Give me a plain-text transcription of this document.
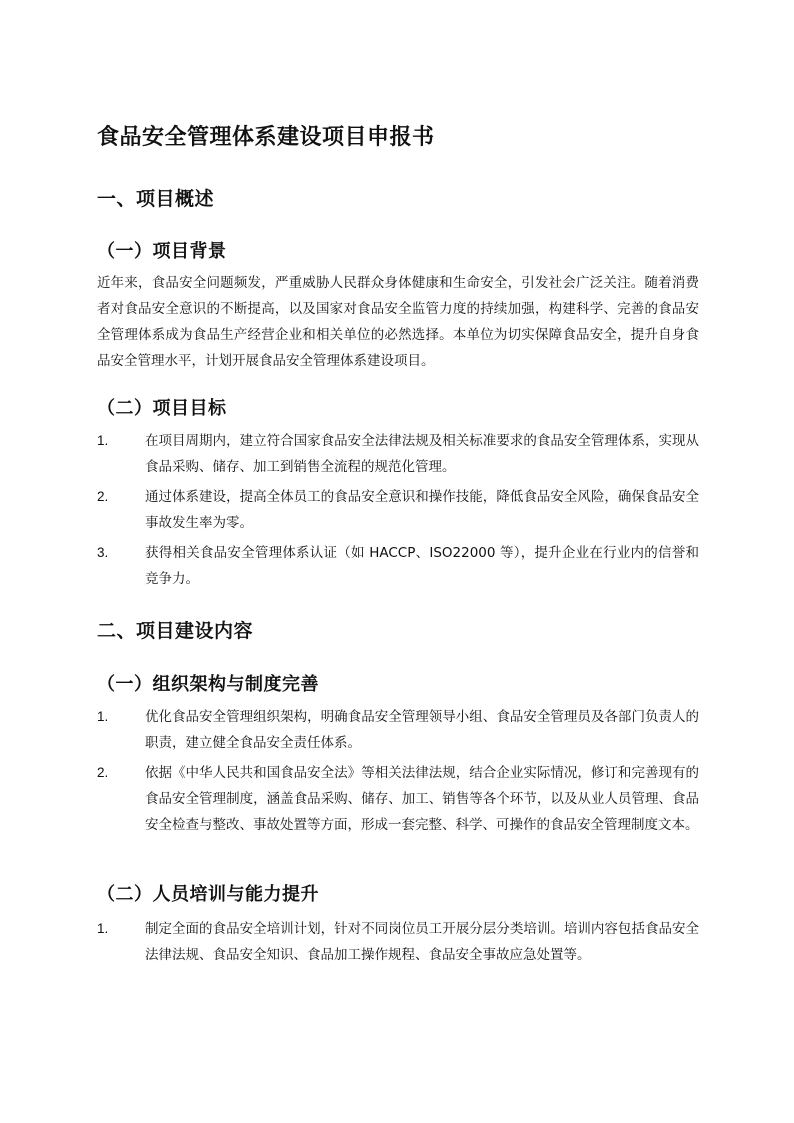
食品安全管理体系建设项目申报书
一、项目概述
（一）项目背景

近年来，食品安全问题频发，严重威胁人民群众身体健康和生命安全，引发社会广泛关注。随着消费者对食品安全意识的不断提高，以及国家对食品安全监管力度的持续加强，构建科学、完善的食品安全管理体系成为食品生产经营企业和相关单位的必然选择。本单位为切实保障食品安全，提升自身食品安全管理水平，计划开展食品安全管理体系建设项目。

（二）项目目标
1.	在项目周期内，建立符合国家食品安全法律法规及相关标准要求的食品安全管理体系，实现从食品采购、储存、加工到销售全流程的规范化管理。
2.	通过体系建设，提高全体员工的食品安全意识和操作技能，降低食品安全风险，确保食品安全事故发生率为零。
3.	获得相关食品安全管理体系认证（如 HACCP、ISO22000 等），提升企业在行业内的信誉和竞争力。
二、项目建设内容
（一）组织架构与制度完善
1.	优化食品安全管理组织架构，明确食品安全管理领导小组、食品安全管理员及各部门负责人的职责，建立健全食品安全责任体系。
2.	依据《中华人民共和国食品安全法》等相关法律法规，结合企业实际情况，修订和完善现有的食品安全管理制度，涵盖食品采购、储存、加工、销售等各个环节，以及从业人员管理、食品安全检查与整改、事故处置等方面，形成一套完整、科学、可操作的食品安全管理制度文本。
（二）人员培训与能力提升
1.	制定全面的食品安全培训计划，针对不同岗位员工开展分层分类培训。培训内容包括食品安全法律法规、食品安全知识、食品加工操作规程、食品安全事故应急处置等。
